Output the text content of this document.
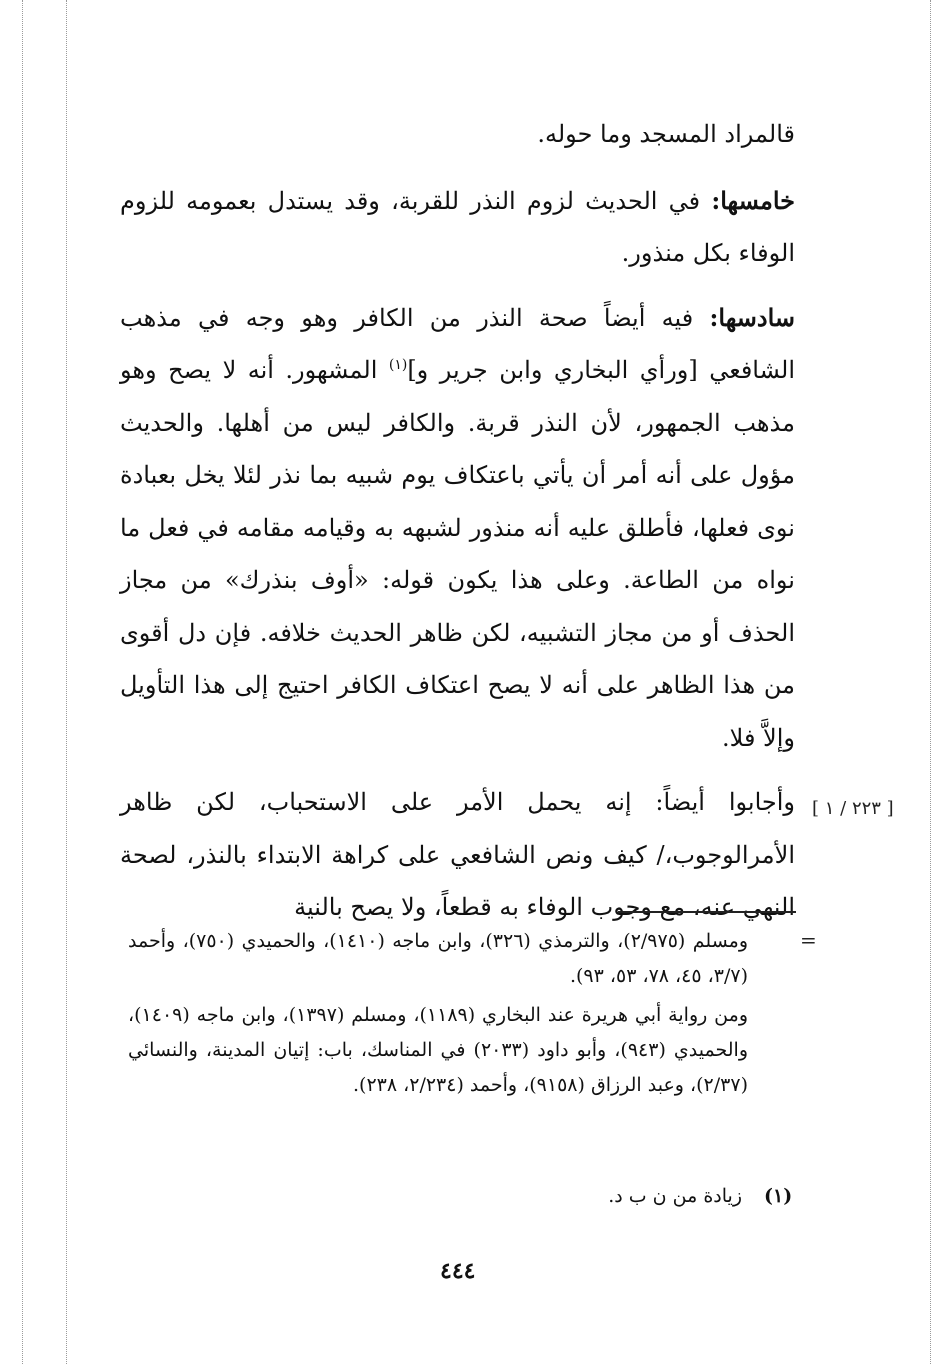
قالمراد المسجد وما حوله.

خامسها: في الحديث لزوم النذر للقربة، وقد يستدل بعمومه للزوم الوفاء بكل منذور.

سادسها: فيه أيضاً صحة النذر من الكافر وهو وجه في مذهب الشافعي [ورأي البخاري وابن جرير و]$^{(١)}$ المشهور. أنه لا يصح وهو مذهب الجمهور، لأن النذر قربة. والكافر ليس من أهلها. والحديث مؤول على أنه أمر أن يأتي باعتكاف يوم شبيه بما نذر لئلا يخل بعبادة نوى فعلها، فأطلق عليه أنه منذور لشبهه به وقيامه مقامه في فعل ما نواه من الطاعة. وعلى هذا يكون قوله: «أوف بنذرك» من مجاز الحذف أو من مجاز التشبيه، لكن ظاهر الحديث خلافه. فإن دل أقوى من هذا الظاهر على أنه لا يصح اعتكاف الكافر احتيج إلى هذا التأويل وإلاَّ فلا.

وأجابوا أيضاً: إنه يحمل الأمر على الاستحباب، لكن ظاهر الأمرالوجوب،/ كيف ونص الشافعي على كراهة الابتداء بالنذر، لصحة النهي عنه، مع وجوب الوفاء به قطعاً، ولا يصح بالنية

[ ٢٢٣ / ١ ]
=

ومسلم (٢/٩٧٥)، والترمذي (٣٢٦)، وابن ماجه (١٤١٠)، والحميدي (٧٥٠)، وأحمد (٣/٧، ٤٥، ٧٨، ٥٣، ٩٣).

ومن رواية أبي هريرة عند البخاري (١١٨٩)، ومسلم (١٣٩٧)، وابن ماجه (١٤٠٩)، والحميدي (٩٤٣)، وأبو داود (٢٠٣٣) في المناسك، باب: إتيان المدينة، والنسائي (٢/٣٧)، وعبد الرزاق (٩١٥٨)، وأحمد (٢/٢٣٤، ٢٣٨).

(١)
زيادة من ن ب د.
٤٤٤
